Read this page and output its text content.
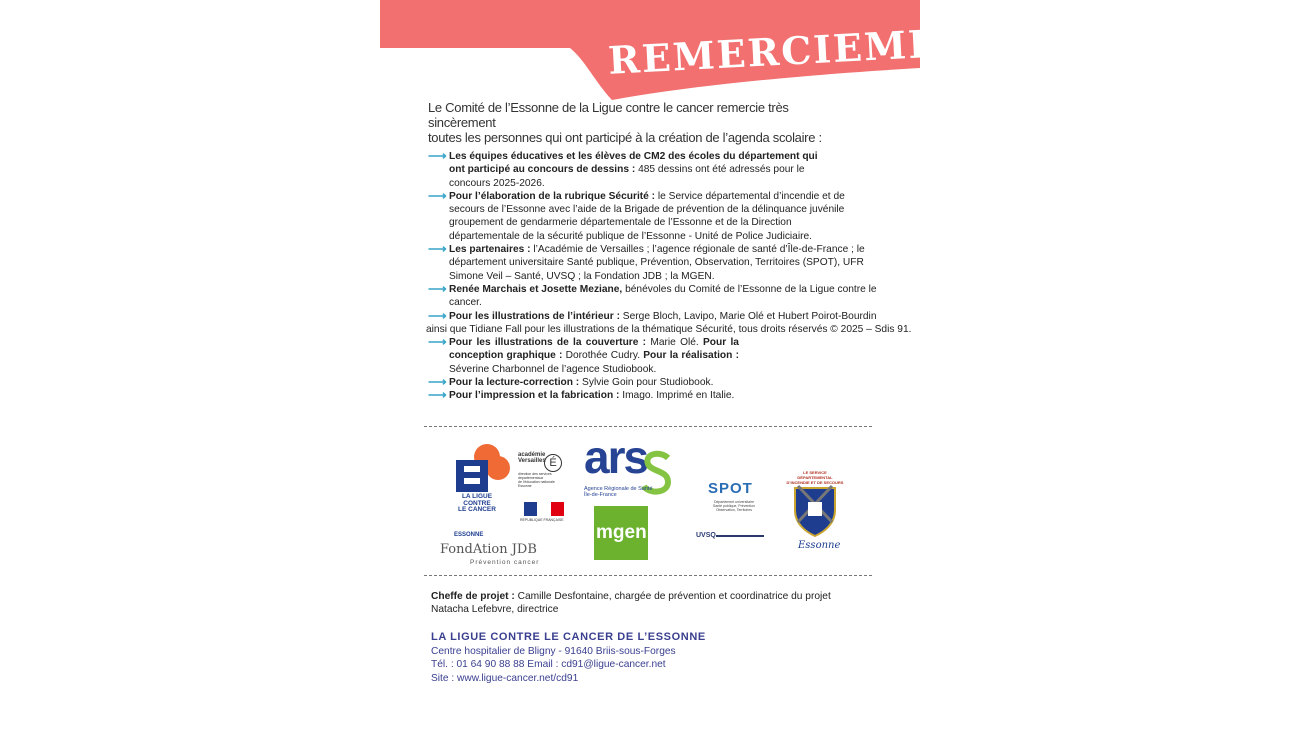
REMERCIEMENTS
Le Comité de l’Essonne de la Ligue contre le cancer remercie très sincèrement
toutes les personnes qui ont participé à la création de l’agenda scolaire :

⟶ Les équipes éducatives et les élèves de CM2 des écoles du département qui ont participé au concours de dessins : 485 dessins ont été adressés pour le concours 2025-2026.

⟶ Pour l’élaboration de la rubrique Sécurité : le Service départemental d’incendie et de secours de l’Essonne avec l’aide de la Brigade de prévention de la délinquance juvénile groupement de gendarmerie départementale de l’Essonne et de la Direction départementale de la sécurité publique de l’Essonne - Unité de Police Judiciaire.

⟶ Les partenaires : l’Académie de Versailles ; l’agence régionale de santé d’Île-de-France ; le département universitaire Santé publique, Prévention, Observation, Territoires (SPOT), UFR Simone Veil – Santé, UVSQ ; la Fondation JDB ; la MGEN.

⟶ Renée Marchais et Josette Meziane, bénévoles du Comité de l’Essonne de la Ligue contre le cancer.

⟶ Pour les illustrations de l’intérieur : Serge Bloch, Lavipo, Marie Olé et Hubert Poirot-Bourdin

ainsi que Tidiane Fall pour les illustrations de la thématique Sécurité, tous droits réservés © 2025 – Sdis 91.

⟶ Pour les illustrations de la couverture : Marie Olé. Pour la conception graphique : Dorothée Cudry. Pour la réalisation : Séverine Charbonnel de l’agence Studiobook.

⟶ Pour la lecture-correction : Sylvie Goin pour Studiobook.

⟶ Pour l’impression et la fabrication : Imago. Imprimé en Italie.

LA LIGUE
CONTRE
LE CANCER
ESSONNE
académie
Versailles É
direction des services
départementaux
de l’éducation nationale
Essonne
RÉPUBLIQUE FRANÇAISE
ars
Agence Régionale de Santé
Île-de-France
mgen
SPOT
Département universitaire
Santé publique, Prévention
Observation, Territoires
UVSQ
LE SERVICE DÉPARTEMENTAL
D’INCENDIE ET DE SECOURS
Essonne
FondAtion JDB
Prévention cancer
Cheffe de projet : Camille Desfontaine, chargée de prévention et coordinatrice du projet
Natacha Lefebvre, directrice
LA LIGUE CONTRE LE CANCER DE L’ESSONNE
Centre hospitalier de Bligny - 91640 Briis-sous-Forges
Tél. : 01 64 90 88 88 Email : cd91@ligue-cancer.net
Site : www.ligue-cancer.net/cd91
